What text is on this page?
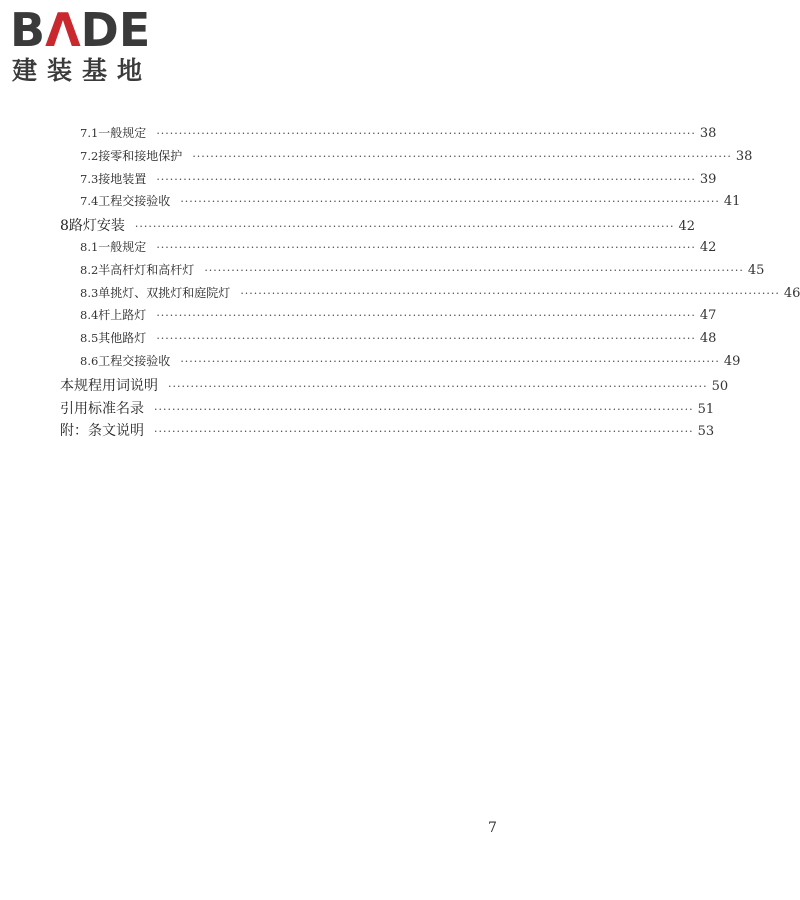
BΛDE
建装基地
7.1 一般规定 ························································································································ 38
7.2 接零和接地保护 ························································································································ 38
7.3 接地装置 ························································································································ 39
7.4 工程交接验收 ························································································································ 41
8 路灯安装 ························································································································ 42
8.1 一般规定 ························································································································ 42
8.2 半高杆灯和高杆灯 ························································································································ 45
8.3 单挑灯、双挑灯和庭院灯 ························································································································ 46
8.4 杆上路灯 ························································································································ 47
8.5 其他路灯 ························································································································ 48
8.6 工程交接验收 ························································································································ 49
本规程用词说明 ························································································································ 50
引用标准名录 ························································································································ 51
附：条文说明 ························································································································ 53
7
